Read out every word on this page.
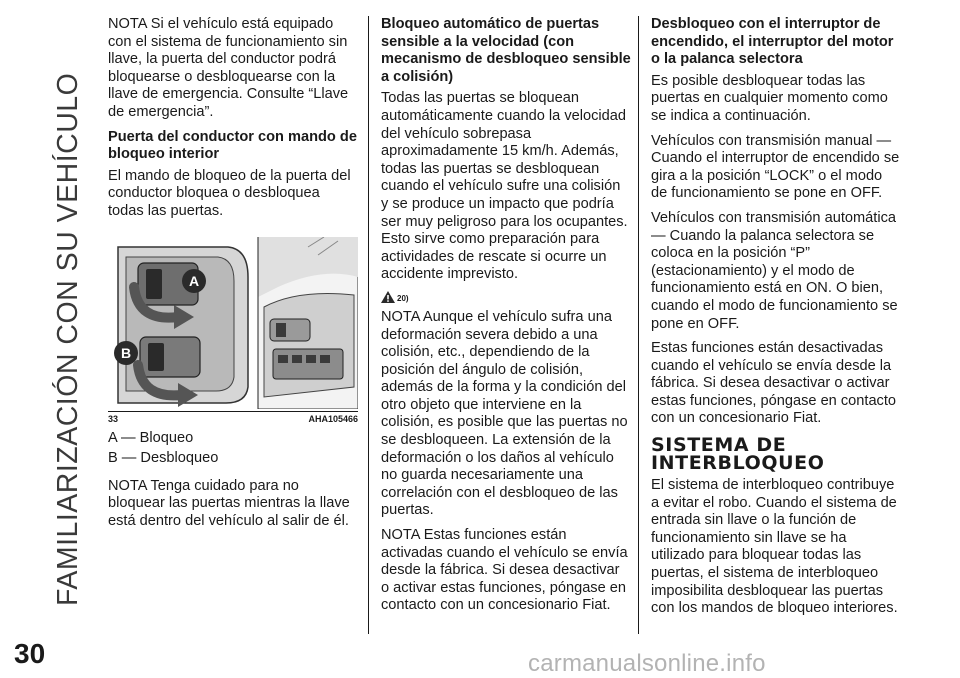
FAMILIARIZACIÓN CON SU VEHÍCULO
30	carmanualsonline.info

NOTA Si el vehículo está equipado con el sistema de funcionamiento sin llave, la puerta del conductor podrá bloquearse o desbloquearse con la llave de emergencia. Consulte “Llave de emergencia”.

Puerta del conductor con mando de bloqueo interior

El mando de bloqueo de la puerta del conductor bloquea o desbloquea todas las puertas.

A
B
33	AHA105466

A — Bloqueo

B — Desbloqueo

NOTA Tenga cuidado para no bloquear las puertas mientras la llave está dentro del vehículo al salir de él.

Bloqueo automático de puertas sensible a la velocidad (con mecanismo de desbloqueo sensible a colisión)

Todas las puertas se bloquean automáticamente cuando la velocidad del vehículo sobrepasa aproximadamente 15 km/h. Además, todas las puertas se desbloquean cuando el vehículo sufre una colisión y se produce un impacto que podría ser muy peligroso para los ocupantes. Esto sirve como preparación para actividades de rescate si ocurre un accidente imprevisto.

20)

NOTA Aunque el vehículo sufra una deformación severa debido a una colisión, etc., dependiendo de la posición del ángulo de colisión, además de la forma y la condición del otro objeto que interviene en la colisión, es posible que las puertas no se desbloqueen. La extensión de la deformación o los daños al vehículo no guarda necesariamente una correlación con el desbloqueo de las puertas.

NOTA Estas funciones están activadas cuando el vehículo se envía desde la fábrica. Si desea desactivar o activar estas funciones, póngase en contacto con un concesionario Fiat.

Desbloqueo con el interruptor de encendido, el interruptor del motor o la palanca selectora

Es posible desbloquear todas las puertas en cualquier momento como se indica a continuación.

Vehículos con transmisión manual — Cuando el interruptor de encendido se gira a la posición “LOCK” o el modo de funcionamiento se pone en OFF.

Vehículos con transmisión automática — Cuando la palanca selectora se coloca en la posición “P” (estacionamiento) y el modo de funcionamiento está en ON. O bien, cuando el modo de funcionamiento se pone en OFF.

Estas funciones están desactivadas cuando el vehículo se envía desde la fábrica. Si desea desactivar o activar estas funciones, póngase en contacto con un concesionario Fiat.

SISTEMA DE
INTERBLOQUEO

El sistema de interbloqueo contribuye a evitar el robo. Cuando el sistema de entrada sin llave o la función de funcionamiento sin llave se ha utilizado para bloquear todas las puertas, el sistema de interbloqueo imposibilita desbloquear las puertas con los mandos de bloqueo interiores.
